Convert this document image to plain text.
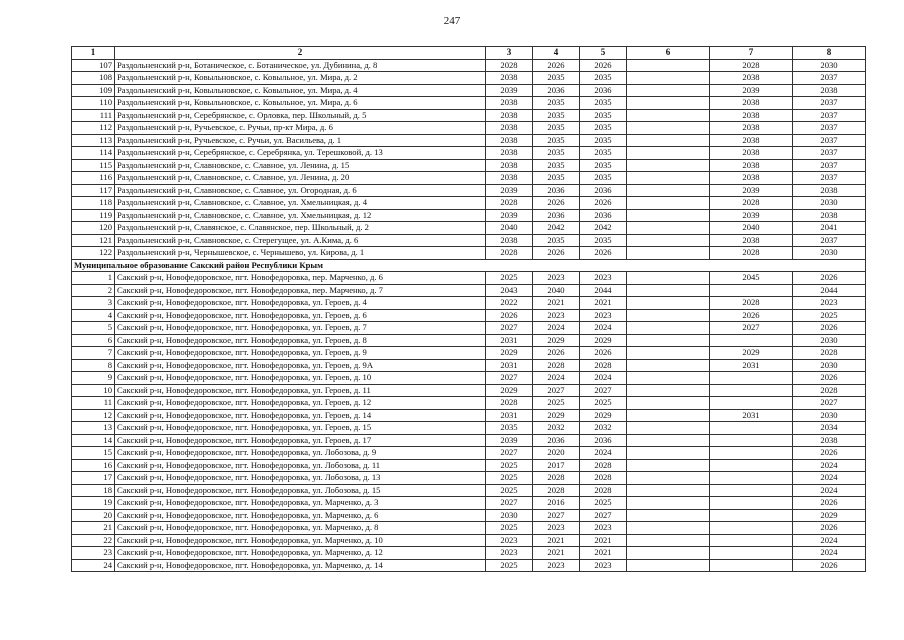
247
1	2	3	4	5	6	7	8
107	Раздольненский р-н, Ботаническое, с. Ботаническое, ул. Дубинина, д. 8	2028	2026	2026		2028	2030
108	Раздольненский р-н, Ковыльновское, с. Ковыльное, ул. Мира, д. 2	2038	2035	2035		2038	2037
109	Раздольненский р-н, Ковыльновское, с. Ковыльное, ул. Мира, д. 4	2039	2036	2036		2039	2038
110	Раздольненский р-н, Ковыльновское, с. Ковыльное, ул. Мира, д. 6	2038	2035	2035		2038	2037
111	Раздольненский р-н, Серебрянское, с. Орловка, пер. Школьный, д. 5	2038	2035	2035		2038	2037
112	Раздольненский р-н, Ручьевское, с. Ручьи, пр-кт Мира, д. 6	2038	2035	2035		2038	2037
113	Раздольненский р-н, Ручьевское, с. Ручьи, ул. Васильева, д. 1	2038	2035	2035		2038	2037
114	Раздольненский р-н, Серебрянское, с. Серебрянка, ул. Терешковой, д. 13	2038	2035	2035		2038	2037
115	Раздольненский р-н, Славновское, с. Славное, ул. Ленина, д. 15	2038	2035	2035		2038	2037
116	Раздольненский р-н, Славновское, с. Славное, ул. Ленина, д. 20	2038	2035	2035		2038	2037
117	Раздольненский р-н, Славновское, с. Славное, ул. Огородная, д. 6	2039	2036	2036		2039	2038
118	Раздольненский р-н, Славновское, с. Славное, ул. Хмельницкая, д. 4	2028	2026	2026		2028	2030
119	Раздольненский р-н, Славновское, с. Славное, ул. Хмельницкая, д. 12	2039	2036	2036		2039	2038
120	Раздольненский р-н, Славянское, с. Славянское, пер. Школьный, д. 2	2040	2042	2042		2040	2041
121	Раздольненский р-н, Славновское, с. Стерегущее, ул. А.Кима, д. 6	2038	2035	2035		2038	2037
122	Раздольненский р-н, Чернышевское, с. Чернышево, ул. Кирова, д. 1	2028	2026	2026		2028	2030
Муниципальное образование Сакский район Республики Крым							
1	Сакский р-н, Новофедоровское, пгт. Новофедоровка, пер. Марченко, д. 6	2025	2023	2023		2045	2026
2	Сакский р-н, Новофедоровское, пгт. Новофедоровка, пер. Марченко, д. 7	2043	2040	2044			2044
3	Сакский р-н, Новофедоровское, пгт. Новофедоровка, ул. Героев, д. 4	2022	2021	2021		2028	2023
4	Сакский р-н, Новофедоровское, пгт. Новофедоровка, ул. Героев, д. 6	2026	2023	2023		2026	2025
5	Сакский р-н, Новофедоровское, пгт. Новофедоровка, ул. Героев, д. 7	2027	2024	2024		2027	2026
6	Сакский р-н, Новофедоровское, пгт. Новофедоровка, ул. Героев, д. 8	2031	2029	2029			2030
7	Сакский р-н, Новофедоровское, пгт. Новофедоровка, ул. Героев, д. 9	2029	2026	2026		2029	2028
8	Сакский р-н, Новофедоровское, пгт. Новофедоровка, ул. Героев, д. 9А	2031	2028	2028		2031	2030
9	Сакский р-н, Новофедоровское, пгт. Новофедоровка, ул. Героев, д. 10	2027	2024	2024			2026
10	Сакский р-н, Новофедоровское, пгт. Новофедоровка, ул. Героев, д. 11	2029	2027	2027			2028
11	Сакский р-н, Новофедоровское, пгт. Новофедоровка, ул. Героев, д. 12	2028	2025	2025			2027
12	Сакский р-н, Новофедоровское, пгт. Новофедоровка, ул. Героев, д. 14	2031	2029	2029		2031	2030
13	Сакский р-н, Новофедоровское, пгт. Новофедоровка, ул. Героев, д. 15	2035	2032	2032			2034
14	Сакский р-н, Новофедоровское, пгт. Новофедоровка, ул. Героев, д. 17	2039	2036	2036			2038
15	Сакский р-н, Новофедоровское, пгт. Новофедоровка, ул. Лобозова, д. 9	2027	2020	2024			2026
16	Сакский р-н, Новофедоровское, пгт. Новофедоровка, ул. Лобозова, д. 11	2025	2017	2028			2024
17	Сакский р-н, Новофедоровское, пгт. Новофедоровка, ул. Лобозова, д. 13	2025	2028	2028			2024
18	Сакский р-н, Новофедоровское, пгт. Новофедоровка, ул. Лобозова, д. 15	2025	2028	2028			2024
19	Сакский р-н, Новофедоровское, пгт. Новофедоровка, ул. Марченко, д. 3	2027	2016	2025			2026
20	Сакский р-н, Новофедоровское, пгт. Новофедоровка, ул. Марченко, д. 6	2030	2027	2027			2029
21	Сакский р-н, Новофедоровское, пгт. Новофедоровка, ул. Марченко, д. 8	2025	2023	2023			2026
22	Сакский р-н, Новофедоровское, пгт. Новофедоровка, ул. Марченко, д. 10	2023	2021	2021			2024
23	Сакский р-н, Новофедоровское, пгт. Новофедоровка, ул. Марченко, д. 12	2023	2021	2021			2024
24	Сакский р-н, Новофедоровское, пгт. Новофедоровка, ул. Марченко, д. 14	2025	2023	2023			2026
